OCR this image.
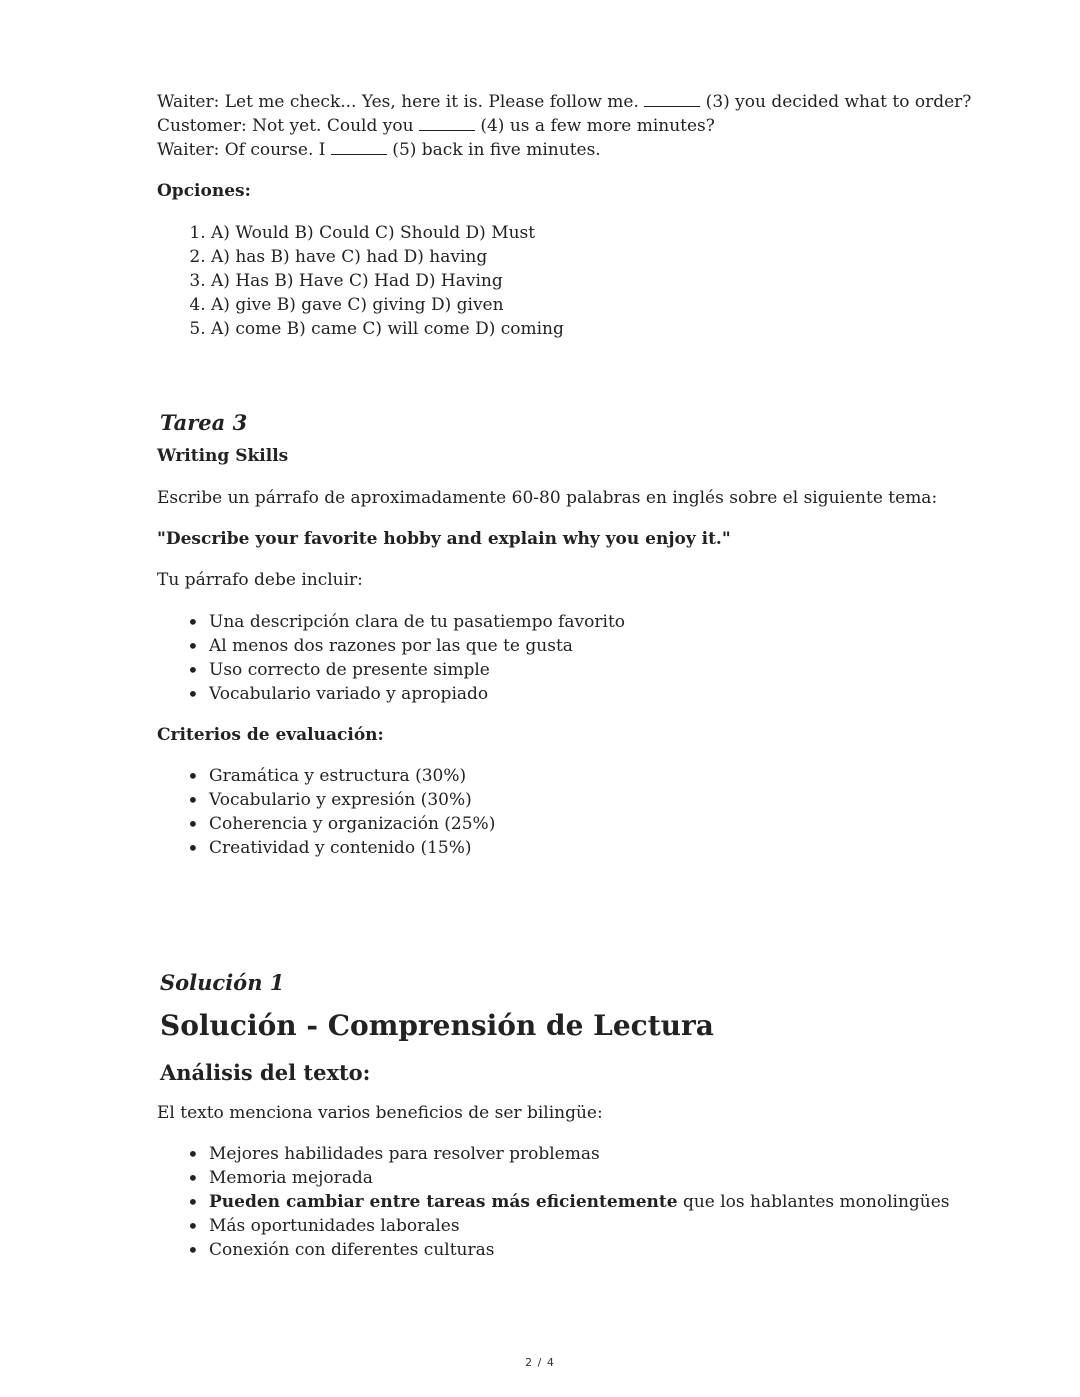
Waiter: Let me check... Yes, here it is. Please follow me.	(3) you decided what to order?
Customer: Not yet. Could you	(4) us a few more minutes?
Waiter: Of course. I	(5) back in five minutes.

Opciones:

1. A) Would B) Could C) Should D) Must
2. A) has B) have C) had D) having
3. A) Has B) Have C) Had D) Having
4. A) give B) gave C) giving D) given
5. A) come B) came C) will come D) coming

Tarea 3

Writing Skills

Escribe un párrafo de aproximadamente 60-80 palabras en inglés sobre el siguiente tema:

"Describe your favorite hobby and explain why you enjoy it."

Tu párrafo debe incluir:

• Una descripción clara de tu pasatiempo favorito
• Al menos dos razones por las que te gusta
• Uso correcto de presente simple
• Vocabulario variado y apropiado

Criterios de evaluación:

• Gramática y estructura (30%)
• Vocabulario y expresión (30%)
• Coherencia y organización (25%)
• Creatividad y contenido (15%)

Solución 1

Solución - Comprensión de Lectura
Análisis del texto:

El texto menciona varios beneficios de ser bilingüe:

• Mejores habilidades para resolver problemas
• Memoria mejorada
• Pueden cambiar entre tareas más eficientemente que los hablantes monolingües
• Más oportunidades laborales
• Conexión con diferentes culturas
2 / 4
